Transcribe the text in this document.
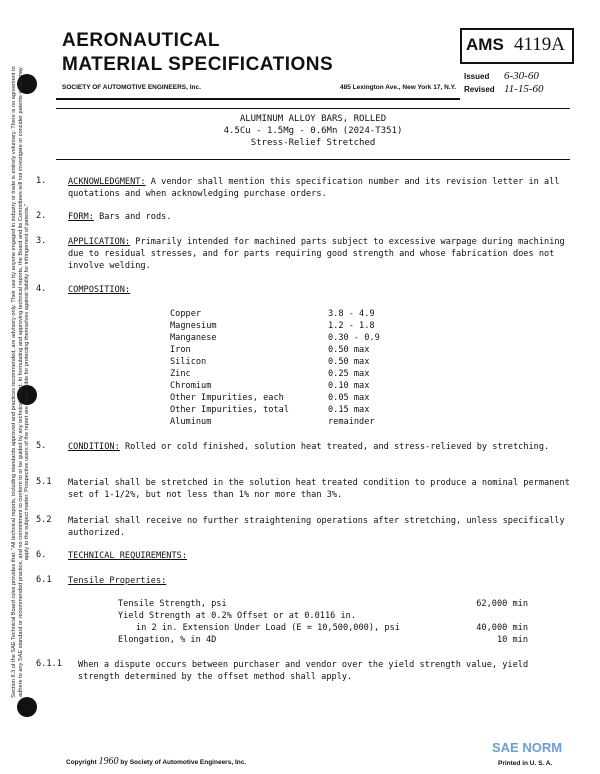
Section 8.3 of the SAE Technical Board rules provides that: "All technical reports, including standards approved and practices recommended, are advisory only. Their use by anyone engaged in industry or trade is entirely voluntary. There is no agreement to adhere to any SAE standard or recommended practice, and no commitment to conform to or be guided by any technical report. In formulating and approving technical reports, the Board and its Committees will not investigate or consider patents which may apply to the subject matter. Prospective users of the report are responsible for protecting themselves against liability for infringement of patents."
AERONAUTICAL
MATERIAL SPECIFICATIONS
SOCIETY OF AUTOMOTIVE ENGINEERS, Inc.	485 Lexington Ave., New York 17, N.Y.
AMS 4119A
Issued 6-30-60
Revised 11-15-60
ALUMINUM ALLOY BARS, ROLLED
4.5Cu - 1.5Mg - 0.6Mn (2024-T351)
Stress-Relief Stretched
1.	ACKNOWLEDGMENT: A vendor shall mention this specification number and its revision letter in all quotations and when acknowledging purchase orders.
2.	FORM: Bars and rods.
3.	APPLICATION: Primarily intended for machined parts subject to excessive warpage during machining due to residual stresses, and for parts requiring good strength and whose fabrication does not involve welding.
4.	COMPOSITION:
Copper	3.8 - 4.9
Magnesium	1.2 - 1.8
Manganese	0.30 - 0.9
Iron	0.50 max
Silicon	0.50 max
Zinc	0.25 max
Chromium	0.10 max
Other Impurities, each	0.05 max
Other Impurities, total	0.15 max
Aluminum	remainder
5.	CONDITION: Rolled or cold finished, solution heat treated, and stress-relieved by stretching.
5.1 Material shall be stretched in the solution heat treated condition to produce a nominal permanent set of 1-1/2%, but not less than 1% nor more than 3%.
5.2 Material shall receive no further straightening operations after stretching, unless specifically authorized.
6.	TECHNICAL REQUIREMENTS:
6.1 Tensile Properties:
Tensile Strength, psi	62,000 min
Yield Strength at 0.2% Offset or at 0.0116 in.
in 2 in. Extension Under Load (E = 10,500,000), psi	40,000 min
Elongation, % in 4D	10 min
6.1.1 When a dispute occurs between purchaser and vendor over the yield strength value, yield strength determined by the offset method shall apply.
Copyright 1960 by Society of Automotive Engineers, Inc.
SAE NORM
Printed in U. S. A.
